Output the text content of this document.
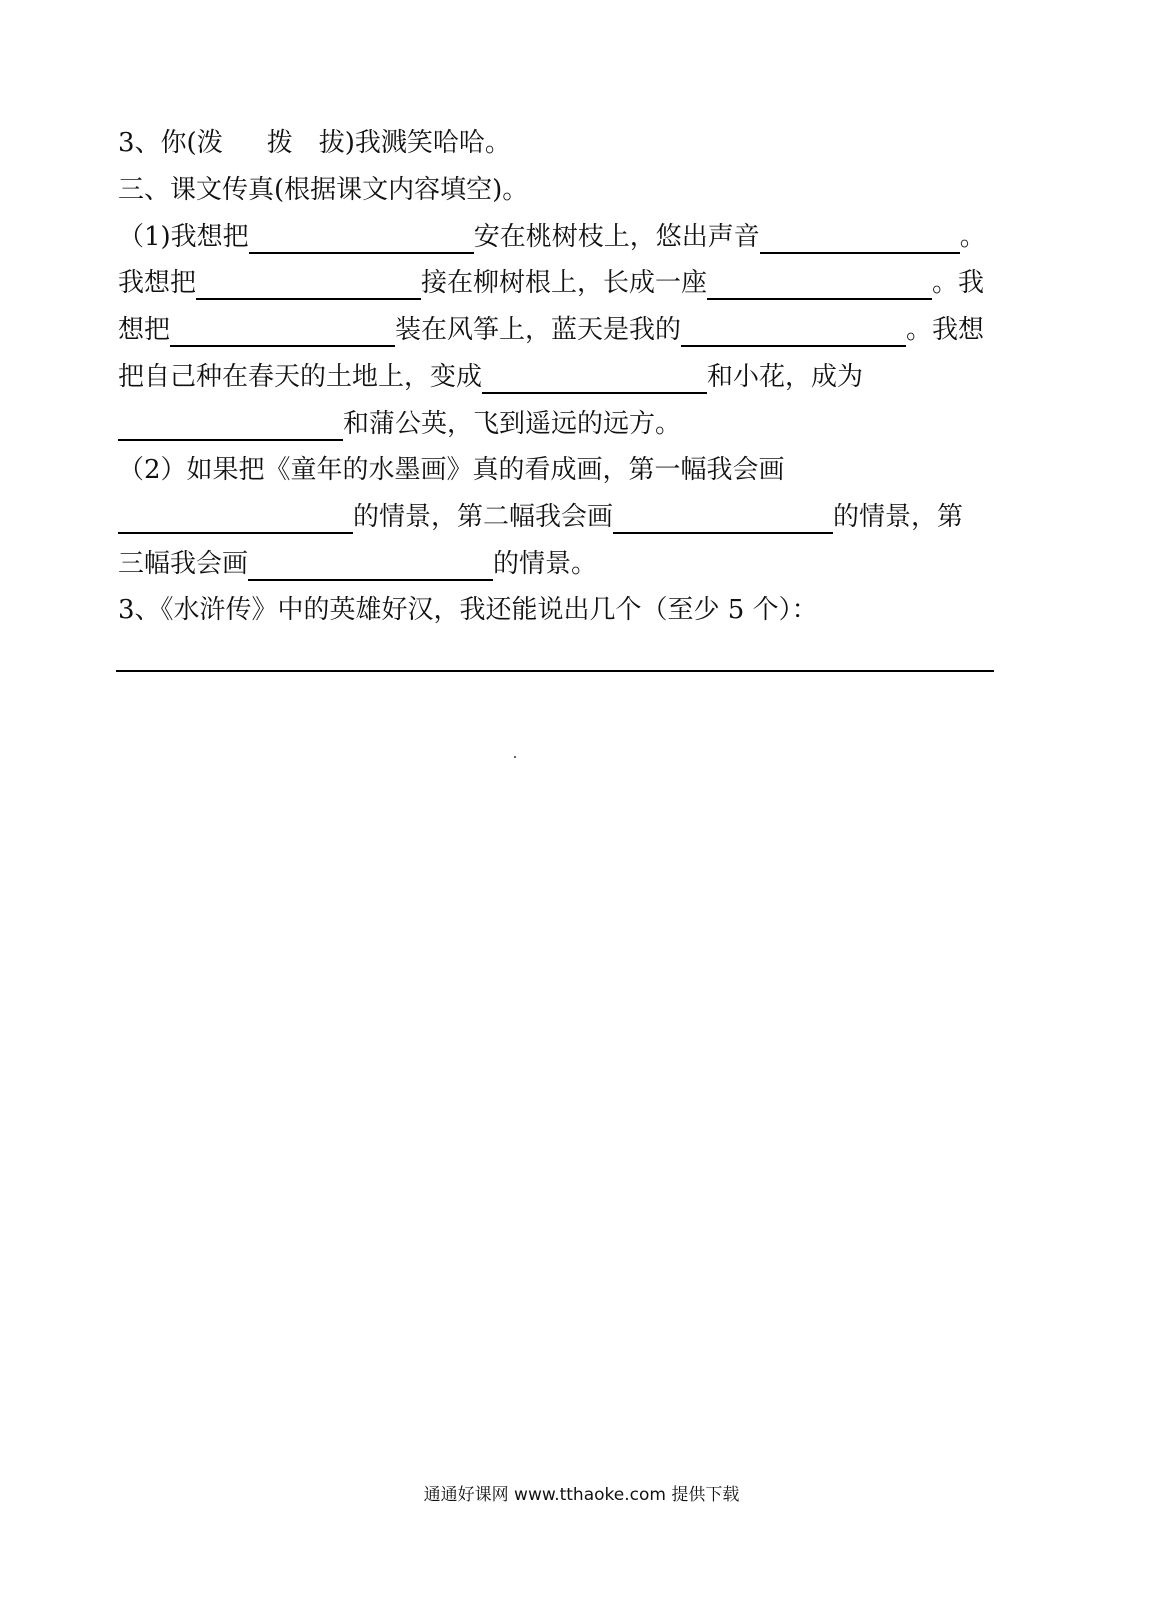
3、你(泼 拨 拔)我溅笑哈哈。
三、课文传真(根据课文内容填空)。
（1)我想把	安在桃树枝上，悠出声音	。
我想把	接在柳树根上，长成一座	。我
想把	装在风筝上，蓝天是我的	。我想
把自己种在春天的土地上，变成	和小花，成为
和蒲公英，飞到遥远的远方。
（2）如果把《童年的水墨画》真的看成画，第一幅我会画
的情景，第二幅我会画	的情景，第
三幅我会画	的情景。
3、《水浒传》中的英雄好汉，我还能说出几个（至少 5 个）：
通通好课网 www.tthaoke.com 提供下载
